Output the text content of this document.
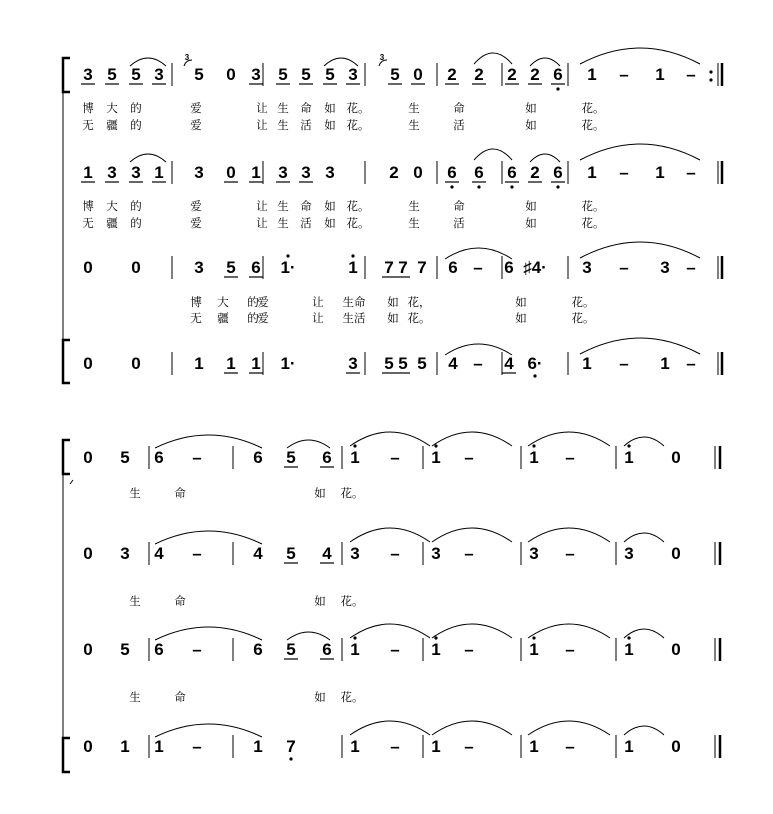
3 5 5 3 5 0 3 5 5 5 3 5 0 2 2 2 2 6 1 – 1 –
3	3
1 3 3 1 3 0 1 3 3 3	2 0 6 6 6 2 6 1 – 1 –
0 0	3 5 6 1·	1 7 7 7 6 – 6 ♯4· 3 – 3 –
0 0	1 1 1 1·	3 5 5 5 4 – 4 6· 1 – 1 –
0 5 6 –	6 5 6 1 – 1 –	1 –	1 0
0 3 4 –	4 5 4 3 – 3 –	3 –	3 0
0 5 6 –	6 5 6 1 – 1 –	1 –	1 0
0 1 1 –	1 7	1 – 1 –	1 –	1 0
博
无
大
疆
的
的
爱
爱
让
让
生
生
命
活
如
如
花。
花。
生
生
命
活
如
如
花。
花。
博
无
大
疆
的
的
爱
爱
让
让
生
生
命
活
如
如
花。
花。
生
生
命
活
如
如
花。
花。
博
无
大
疆
的
的
爱
爱
让
让
生命
生活
如
如
花，
花。
如
如
花。
花。
生	命	如 花。
生	命	如 花。
生	命	如 花。
